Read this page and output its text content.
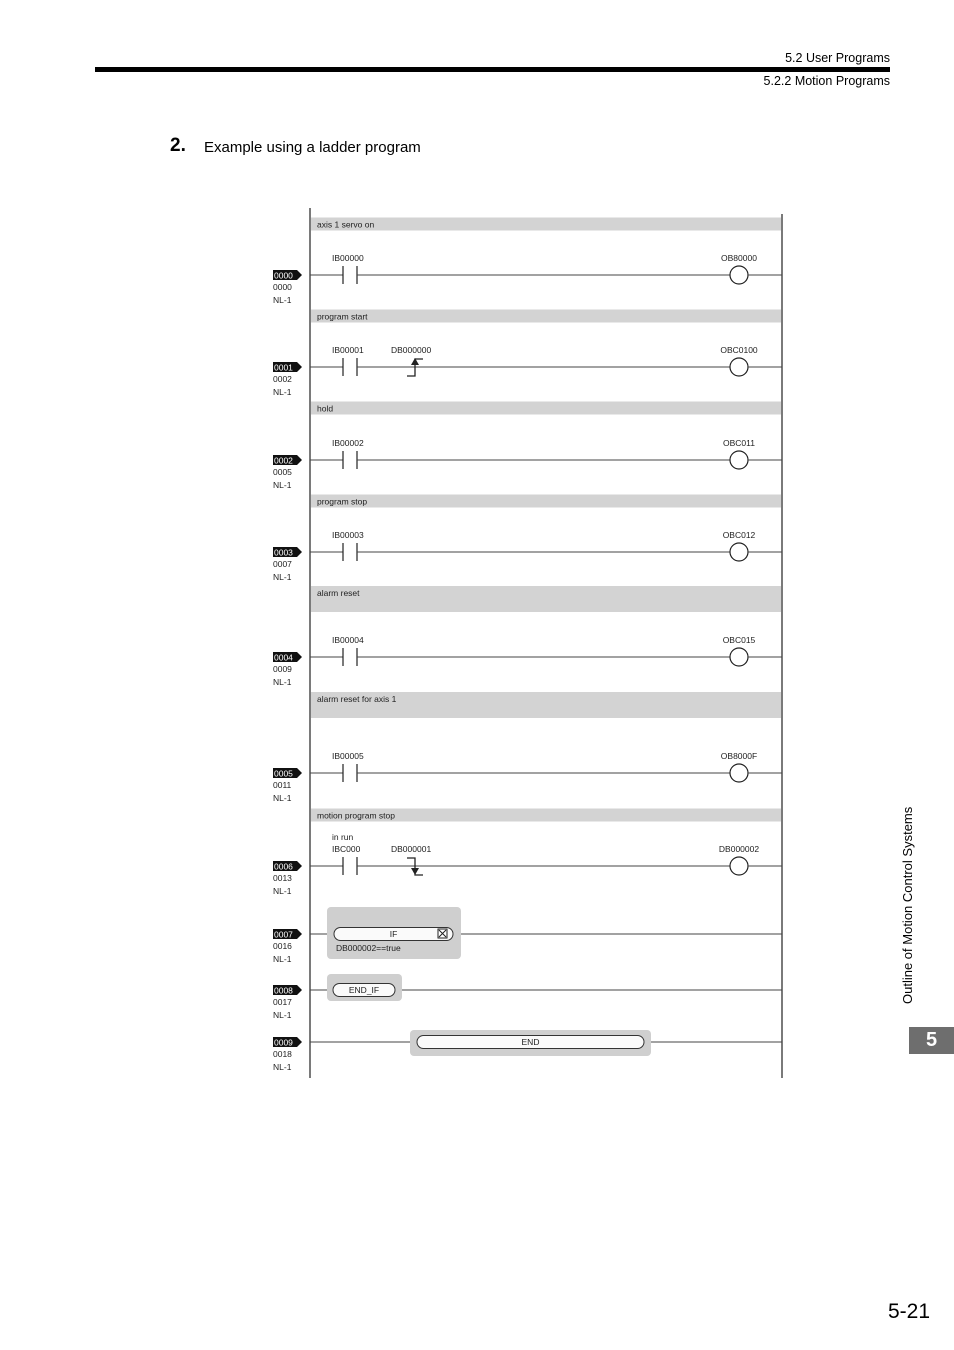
5.2 User Programs
5.2.2 Motion Programs
2. Example using a ladder program
axis 1 servo on
0000
0000
NL-1
IB00000	OB80000
program start
0001
0002
NL-1
IB00001	DB000000	OBC0100
hold
0002
0005
NL-1
IB00002	OBC011
program stop
0003
0007
NL-1
IB00003	OBC012
alarm reset
0004
0009
NL-1
IB00004	OBC015
alarm reset for axis 1
0005
0011
NL-1
IB00005	OB8000F
motion program stop
0006
0013
NL-1
IBC000
in run
DB000001	DB000002
0007
0016
NL-1
IF
DB000002==true
0008
0017
NL-1
END_IF
0009
0018
NL-1
END
Outline of Motion Control Systems
5
5-21
